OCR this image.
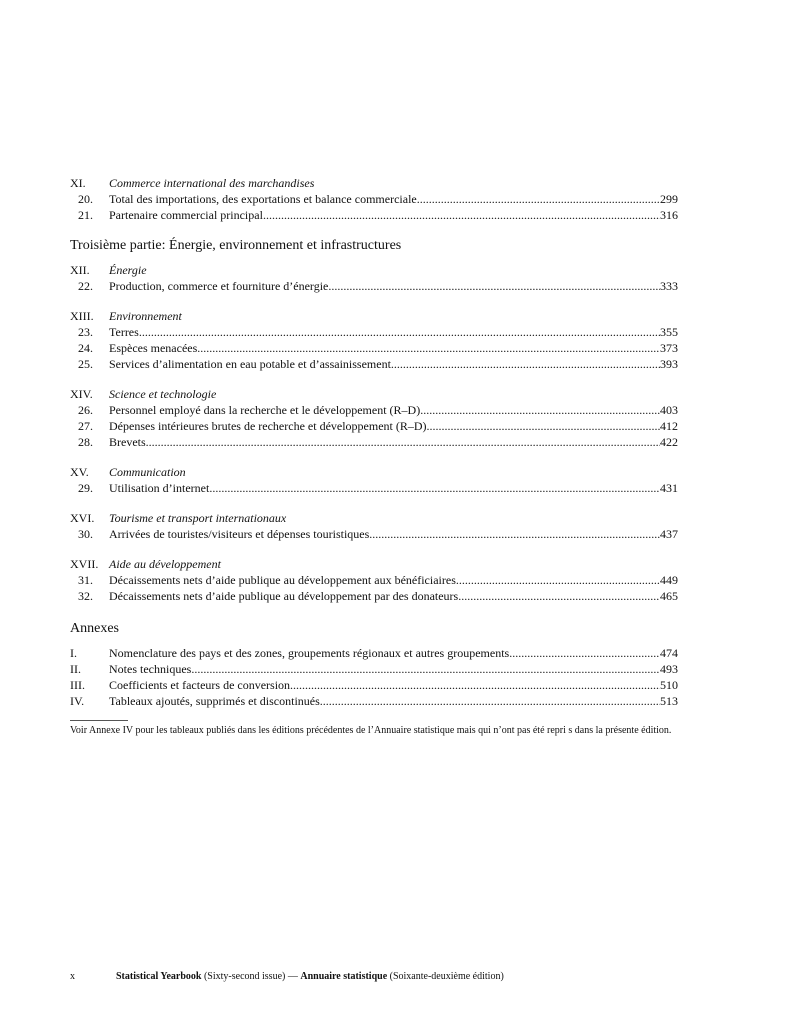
XI. Commerce international des marchandises
20.	Total des importations, des exportations et balance commerciale .....	299
21.	Partenaire commercial principal .....	316
Troisième partie: Énergie, environnement et infrastructures
XII. Énergie
22.	Production, commerce et fourniture d’énergie .....	333
XIII. Environnement
23.	Terres .....	355
24.	Espèces menacées .....	373
25.	Services d’alimentation en eau potable et d’assainissement .....	393
XIV. Science et technologie
26.	Personnel employé dans la recherche et le développement (R–D) .....	403
27.	Dépenses intérieures brutes de recherche et développement (R–D) .....	412
28.	Brevets .....	422
XV. Communication
29.	Utilisation d’internet .....	431
XVI. Tourisme et transport internationaux
30.	Arrivées de touristes/visiteurs et dépenses touristiques .....	437
XVII. Aide au développement
31.	Décaissements nets d’aide publique au développement aux bénéficiaires .....	449
32.	Décaissements nets d’aide publique au développement par des donateurs .....	465
Annexes
I.	Nomenclature des pays et des zones, groupements régionaux et autres groupements .....	474
II.	Notes techniques .....	493
III.	Coefficients et facteurs de conversion .....	510
IV.	Tableaux ajoutés, supprimés et discontinués .....	513
Voir Annexe IV pour les tableaux publiés dans les éditions précédentes de l’Annuaire statistique mais qui n’ont pas été repri s dans la présente édition.
x	Statistical Yearbook (Sixty-second issue) — Annuaire statistique (Soixante-deuxième édition)
